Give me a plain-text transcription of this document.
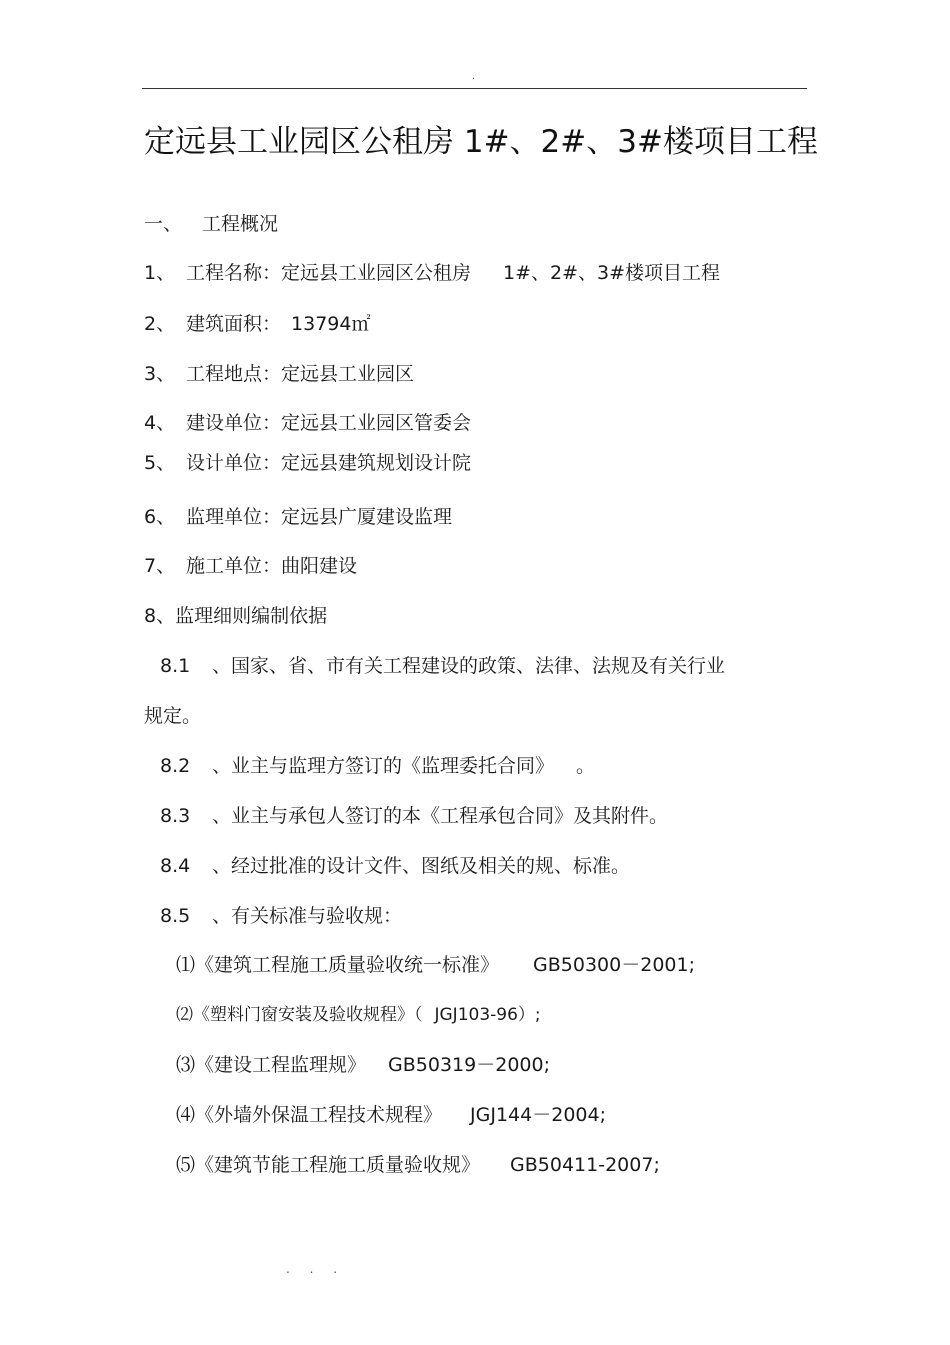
.
定远县工业园区公租房 1#、2#、3#楼项目工程
一、 工程概况
1、 工程名称：定远县工业园区公租房 1#、2#、3#楼项目工程
2、 建筑面积： 13794㎡
3、 工程地点：定远县工业园区
4、 建设单位：定远县工业园区管委会
5、 设计单位：定远县建筑规划设计院
6、 监理单位：定远县广厦建设监理
7、 施工单位：曲阳建设
8、监理细则编制依据
8.1 、国家、省、市有关工程建设的政策、法律、法规及有关行业
规定。
8.2 、业主与监理方签订的《监理委托合同》 。
8.3 、业主与承包人签订的本《工程承包合同》及其附件。
8.4 、经过批准的设计文件、图纸及相关的规、标准。
8.5 、有关标准与验收规：
⑴《建筑工程施工质量验收统一标准》 GB50300－2001;
⑵《塑料门窗安装及验收规程》（ JGJ103-96）;
⑶《建设工程监理规》 GB50319－2000;
⑷《外墙外保温工程技术规程》 JGJ144－2004;
⑸《建筑节能工程施工质量验收规》 GB50411-2007;
. . .
